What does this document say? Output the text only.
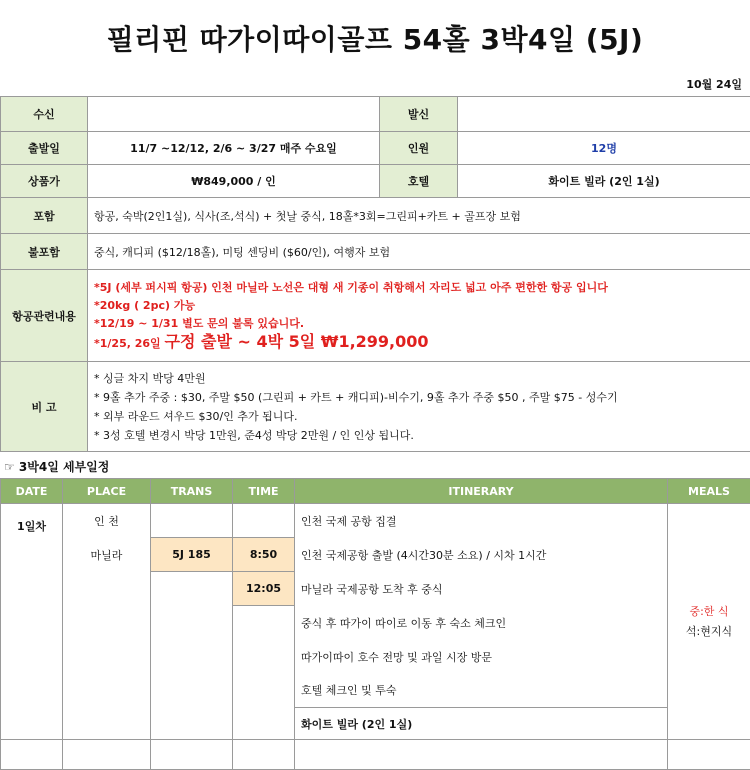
필리핀 따가이따이골프 54홀 3박4일 (5J)
10월 24일
수신		발신	
출발일	11/7 ~12/12, 2/6 ~ 3/27 매주 수요일	인원	12명
상품가	₩849,000 / 인	호텔	화이트 빌라 (2인 1실)
포함	항공, 숙박(2인1실), 식사(조,석식) + 첫날 중식, 18홀*3회=그린피+카트 + 골프장 보험		
불포함	중식, 캐디피 ($12/18홀), 미팅 센딩비 ($60/인), 여행자 보험		
항공관련내용	*5J (세부 퍼시픽 항공) 인천 마닐라 노선은 대형 새 기종이 취항해서 자리도 넓고 아주 편한한 항공 입니다
*20kg ( 2pc) 가능
*12/19 ~ 1/31 별도 문의 불록 있습니다.
*1/25, 26일 구정 출발 ~ 4박 5일 ₩1,299,000		

비 고	* 싱글 차지 박당 4만원
* 9홀 추가 주중 : $30, 주말 $50 (그린피 + 카트 + 캐디피)-비수기, 9홀 추가 주중 $50 , 주말 $75 - 성수기
* 외부 라운드 셔우드 $30/인 추가 됩니다.
* 3성 호텔 변경시 박당 1만원, 준4성 박당 2만원 / 인 인상 됩니다.		
☞ 3박4일 세부일정
DATE	PLACE	TRANS	TIME	ITINERARY	MEALS
1일차	인 천			인천 국제 공항 집결	중:한 식
석:현지식

	마닐라	5J 185	8:50	인천 국제공항 출발 (4시간30분 소요) / 시차 1시간	
			12:05	마닐라 국제공항 도착 후 중식	
				중식 후 따가이 따이로 이동 후 숙소 체크인	
				따가이따이 호수 전망 및 과일 시장 방문	
				호텔 체크인 및 투숙	
				화이트 빌라 (2인 1실)	
